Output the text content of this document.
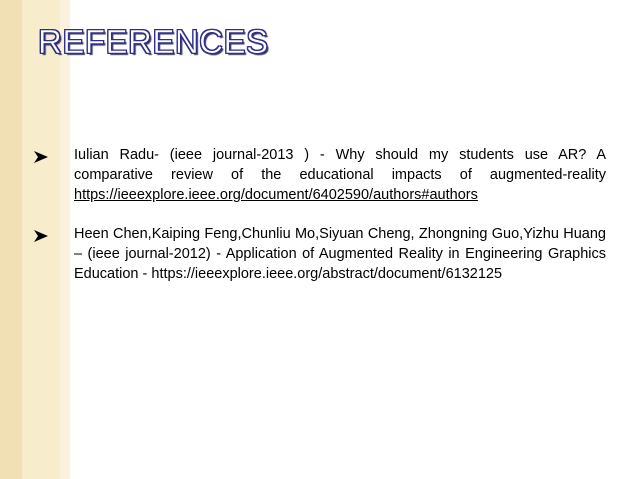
REFERENCES
Iulian Radu- (ieee journal-2013 ) - Why should my students use AR? A comparative review of the educational impacts of augmented-reality https://ieeexplore.ieee.org/document/6402590/authors#authors
Heen Chen,Kaiping Feng,Chunliu Mo,Siyuan Cheng, Zhongning Guo,Yizhu Huang – (ieee journal-2012) - Application of Augmented Reality in Engineering Graphics Education - https://ieeexplore.ieee.org/abstract/document/6132125
